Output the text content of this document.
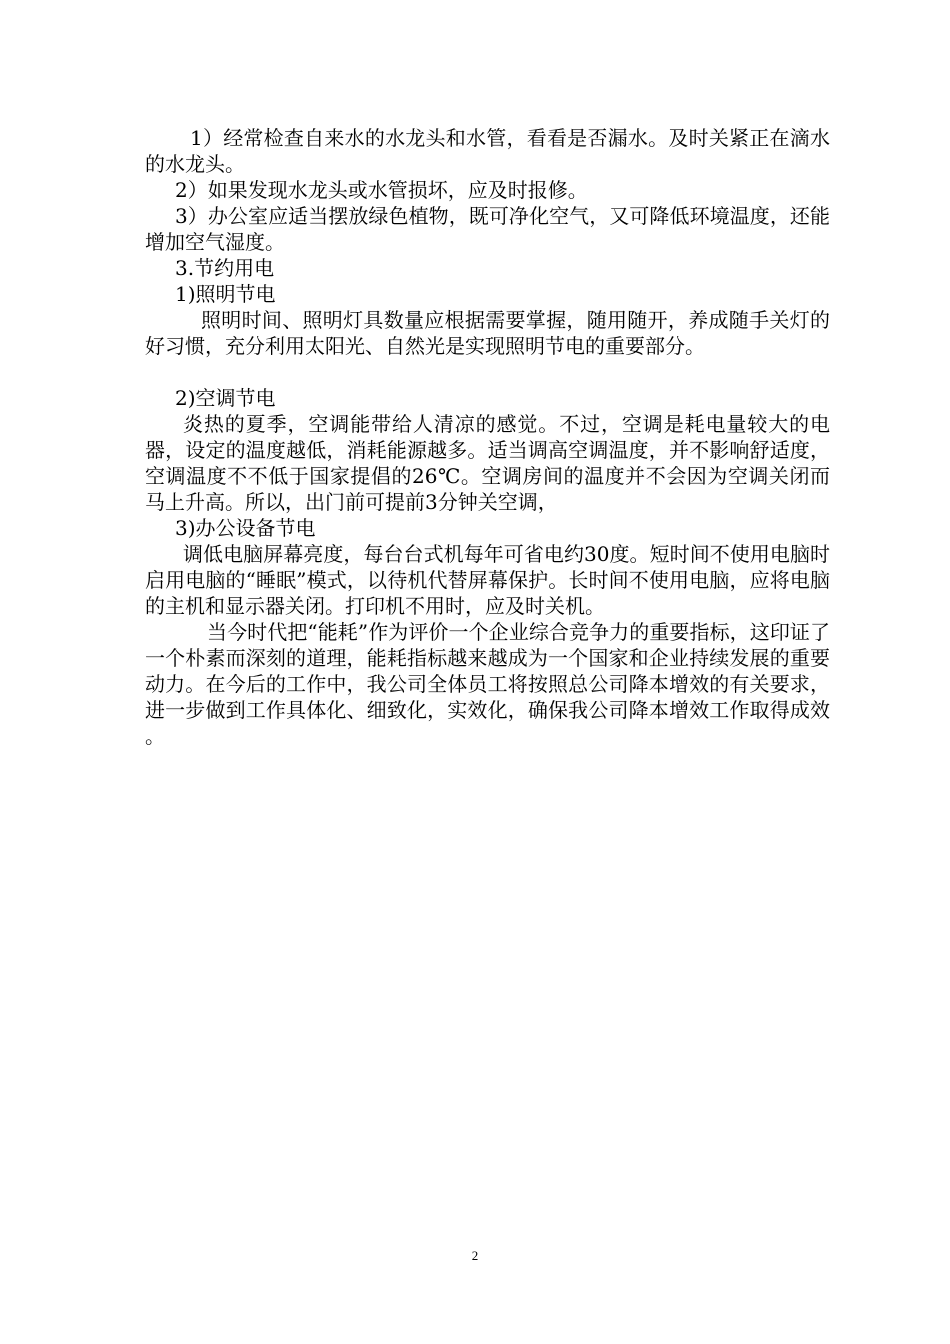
1）经常检查自来水的水龙头和水管，看看是否漏水。及时关紧正在滴水的水龙头。

2）如果发现水龙头或水管损坏，应及时报修。

3）办公室应适当摆放绿色植物，既可净化空气，又可降低环境温度，还能增加空气湿度。

3.节约用电

1)照明节电

照明时间、照明灯具数量应根据需要掌握，随用随开，养成随手关灯的好习惯，充分利用太阳光、自然光是实现照明节电的重要部分。

2)空调节电

炎热的夏季，空调能带给人清凉的感觉。不过，空调是耗电量较大的电器，设定的温度越低，消耗能源越多。适当调高空调温度，并不影响舒适度，空调温度不不低于国家提倡的26℃。空调房间的温度并不会因为空调关闭而马上升高。所以，出门前可提前3分钟关空调，

3)办公设备节电

调低电脑屏幕亮度，每台台式机每年可省电约30度。短时间不使用电脑时启用电脑的“睡眠”模式，以待机代替屏幕保护。长时间不使用电脑，应将电脑的主机和显示器关闭。打印机不用时，应及时关机。

当今时代把“能耗”作为评价一个企业综合竞争力的重要指标，这印证了一个朴素而深刻的道理，能耗指标越来越成为一个国家和企业持续发展的重要动力。在今后的工作中，我公司全体员工将按照总公司降本增效的有关要求，进一步做到工作具体化、细致化，实效化，确保我公司降本增效工作取得成效 。

2
